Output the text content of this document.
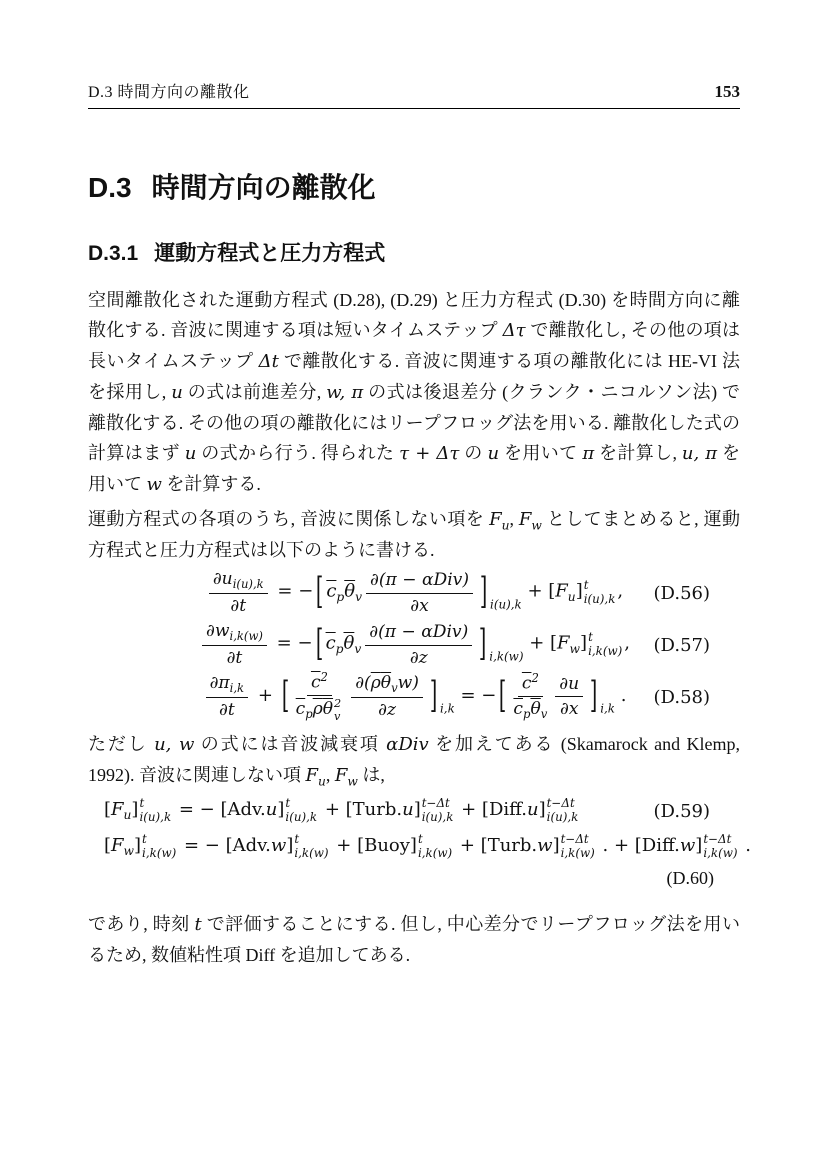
D.3 時間方向の離散化	153
D.3 時間方向の離散化
D.3.1 運動方程式と圧力方程式

空間離散化された運動方程式 (D.28), (D.29) と圧力方程式 (D.30) を時間方向に離散化する. 音波に関連する項は短いタイムステップ Δτ で離散化し, その他の項は長いタイムステップ Δt で離散化する. 音波に関連する項の離散化には HE-VI 法を採用し, u の式は前進差分, w, π の式は後退差分 (クランク・ニコルソン法) で離散化する. その他の項の離散化にはリープフロッグ法を用いる. 離散化した式の計算はまず u の式から行う. 得られた τ + Δτ の u を用いて π を計算し, u, π を用いて w を計算する.

運動方程式の各項のうち, 音波に関係しない項を $F_u$, $F_w$ としてまとめると, 運動方程式と圧力方程式は以下のように書ける.

$\frac{\partial u_{i(u),k}}{\partial t}$ = − [ $\overline{c}_p\overline{\theta}_v \frac{\text{∂(π − αDiv)}}{\partial x}$ ] i(u),k
+ $[F_u]$ t
i(u),k , (D.56)
$\frac{\partial w_{i,k(w)}}{\partial t}$ = − [ $\overline{c}_p\overline{\theta}_v \frac{\text{∂(π − αDiv)}}{\partial z}$ ] i,k(w)
+ $[F_w]$ t
i,k(w) , (D.57)
$\frac{\partial\pi_{i,k}}{\partial t}$ + [ $\overline{c}^2$
$\overline{c}_p\overline{\rho}\overline{\theta}$ 2
v $\frac{\partial(\overline{\rho}\overline{\theta}_vw)}{\partial z}$ ] i,k
= − [ $\frac{\overline{c}^2}{\overline{c}_p\overline{\theta}_v} \frac{\partial u}{\partial x}$ ] i,k
. (D.58)

ただし u, w の式には音波減衰項 αDiv を加えてある (Skamarock and Klemp, 1992). 音波に関連しない項 $F_u$, $F_w$ は,

$[F_u]$ t
i(u),k = − [Adv.u] t
i(u),k + [Turb.u] t−Δt
i(u),k + [Diff.u] t−Δt
i(u),k	(D.59)
$[F_w]$ t
i,k(w) = − [Adv.w] t
i,k(w) + [Buoy] t
i,k(w) + [Turb.w] t−Δt
i,k(w) . + [Diff.w] t−Δt
i,k(w) .
(D.60)

であり, 時刻 t で評価することにする. 但し, 中心差分でリープフロッグ法を用いるため, 数値粘性項 Diff を追加してある.
